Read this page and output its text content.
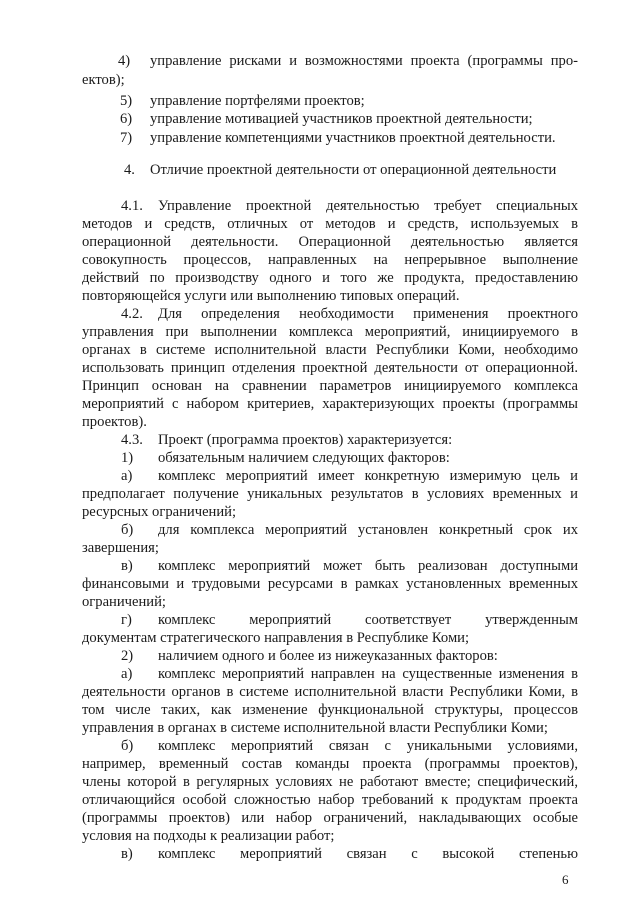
4) управление рисками и возможностями проекта (программы про-
ектов);
5) управление портфелями проектов;
6) управление мотивацией участников проектной деятельности;
7) управление компетенциями участников проектной деятельности.
4. Отличие проектной деятельности от операционной деятельности
4.1. Управление проектной деятельностью требует специальных
методов и средств, отличных от методов и средств, используемых в
операционной деятельности. Операционной деятельностью является
совокупность процессов, направленных на непрерывное выполнение
действий по производству одного и того же продукта, предоставлению
повторяющейся услуги или выполнению типовых операций.
4.2. Для определения необходимости применения проектного
управления при выполнении комплекса мероприятий, инициируемого в
органах в системе исполнительной власти Республики Коми, необходимо
использовать принцип отделения проектной деятельности от операционной.
Принцип основан на сравнении параметров инициируемого комплекса
мероприятий с набором критериев, характеризующих проекты (программы
проектов).
4.3. Проект (программа проектов) характеризуется:
1) обязательным наличием следующих факторов:
а) комплекс мероприятий имеет конкретную измеримую цель и
предполагает получение уникальных результатов в условиях временных и
ресурсных ограничений;
б) для комплекса мероприятий установлен конкретный срок их
завершения;
в) комплекс мероприятий может быть реализован доступными
финансовыми и трудовыми ресурсами в рамках установленных временных
ограничений;
г) комплекс мероприятий соответствует утвержденным
документам стратегического направления в Республике Коми;
2) наличием одного и более из нижеуказанных факторов:
а) комплекс мероприятий направлен на существенные изменения в
деятельности органов в системе исполнительной власти Республики Коми, в
том числе таких, как изменение функциональной структуры, процессов
управления в органах в системе исполнительной власти Республики Коми;
б) комплекс мероприятий связан с уникальными условиями,
например, временный состав команды проекта (программы проектов),
члены которой в регулярных условиях не работают вместе; специфический,
отличающийся особой сложностью набор требований к продуктам проекта
(программы проектов) или набор ограничений, накладывающих особые
условия на подходы к реализации работ;
в) комплекс мероприятий связан с высокой степенью
6
